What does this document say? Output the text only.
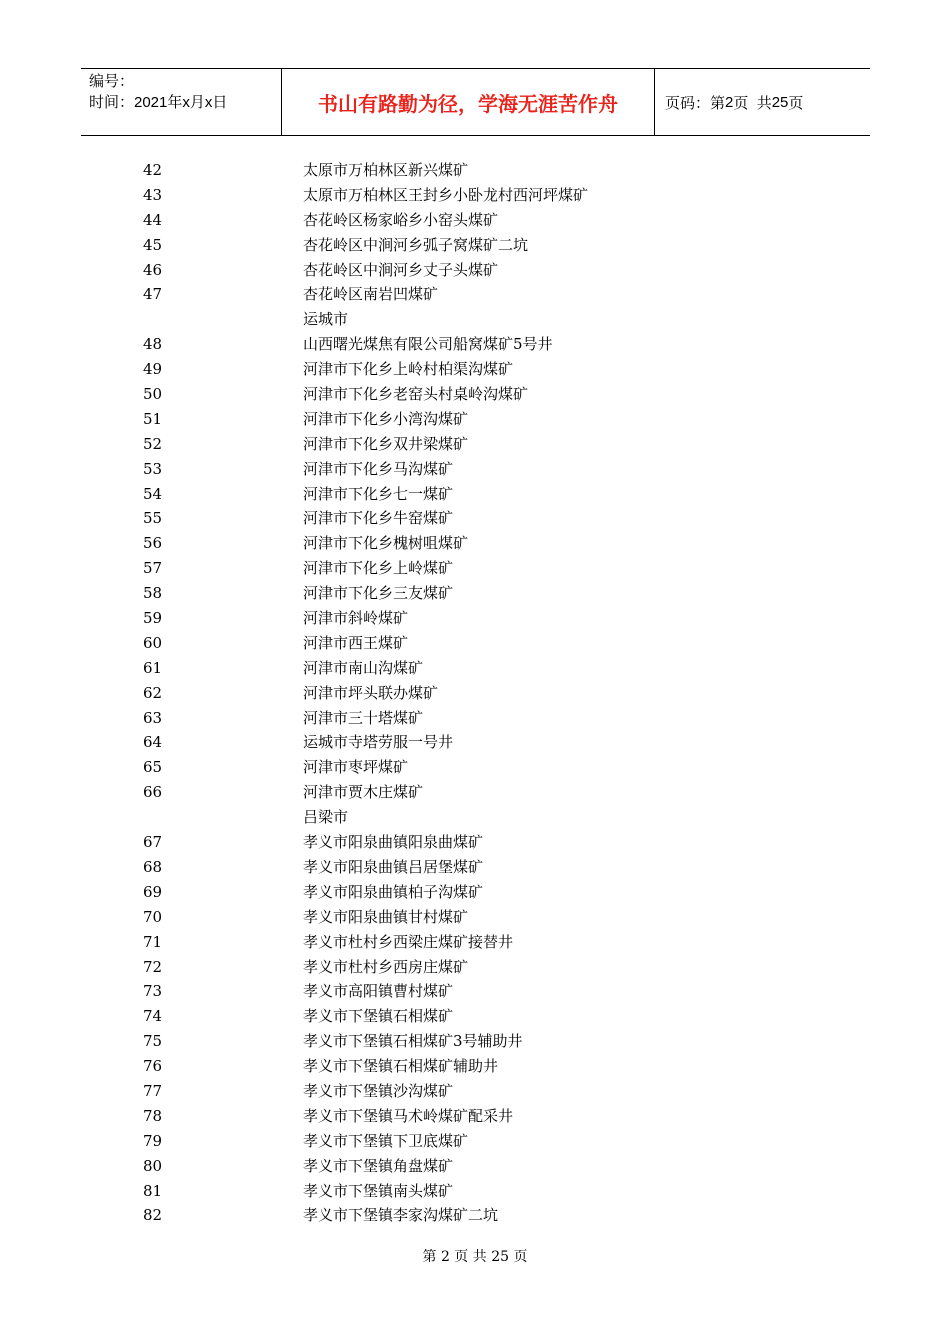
编号：
时间：2021年x月x日	书山有路勤为径，学海无涯苦作舟	页码：第 2 页  共 25 页
42	太原市万柏林区新兴煤矿
43	太原市万柏林区王封乡小卧龙村西河坪煤矿
44	杏花岭区杨家峪乡小窑头煤矿
45	杏花岭区中涧河乡弧子窝煤矿二坑
46	杏花岭区中涧河乡丈子头煤矿
47	杏花岭区南岩凹煤矿
运城市
48	山西曙光煤焦有限公司船窝煤矿5号井
49	河津市下化乡上岭村柏渠沟煤矿
50	河津市下化乡老窑头村桌岭沟煤矿
51	河津市下化乡小湾沟煤矿
52	河津市下化乡双井梁煤矿
53	河津市下化乡马沟煤矿
54	河津市下化乡七一煤矿
55	河津市下化乡牛窑煤矿
56	河津市下化乡槐树咀煤矿
57	河津市下化乡上岭煤矿
58	河津市下化乡三友煤矿
59	河津市斜岭煤矿
60	河津市西王煤矿
61	河津市南山沟煤矿
62	河津市坪头联办煤矿
63	河津市三十塔煤矿
64	运城市寺塔劳服一号井
65	河津市枣坪煤矿
66	河津市贾木庄煤矿
吕梁市
67	孝义市阳泉曲镇阳泉曲煤矿
68	孝义市阳泉曲镇吕居堡煤矿
69	孝义市阳泉曲镇柏子沟煤矿
70	孝义市阳泉曲镇甘村煤矿
71	孝义市杜村乡西梁庄煤矿接替井
72	孝义市杜村乡西房庄煤矿
73	孝义市高阳镇曹村煤矿
74	孝义市下堡镇石相煤矿
75	孝义市下堡镇石相煤矿3号辅助井
76	孝义市下堡镇石相煤矿辅助井
77	孝义市下堡镇沙沟煤矿
78	孝义市下堡镇马术岭煤矿配采井
79	孝义市下堡镇下卫底煤矿
80	孝义市下堡镇角盘煤矿
81	孝义市下堡镇南头煤矿
82	孝义市下堡镇李家沟煤矿二坑
第 2 页 共 25 页
